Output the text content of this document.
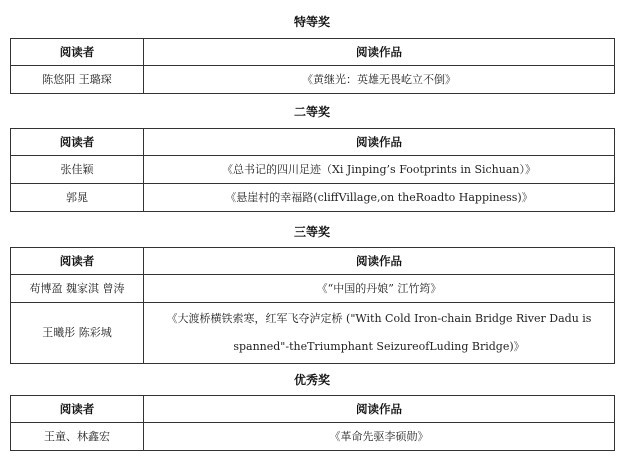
特等奖
阅读者	阅读作品
陈悠阳 王璐琛	《黄继光：英雄无畏屹立不倒》
二等奖
阅读者	阅读作品
张佳颖	《总书记的四川足迹（Xi Jinping’s Footprints in Sichuan）》
郭晁	《悬崖村的幸福路(cliffVillage,on theRoadto Happiness)》
三等奖
阅读者	阅读作品
苟博盈 魏家淇 曾涛	《“中国的丹娘” 江竹筠》
王曦彤 陈彩城	《大渡桥横铁索寒，红军飞夺泸定桥 ("With Cold Iron-chain Bridge River Dadu is spanned"-theTriumphant SeizureofLuding Bridge)》
优秀奖
阅读者	阅读作品
王童、林鑫宏	《革命先驱李硕勋》
